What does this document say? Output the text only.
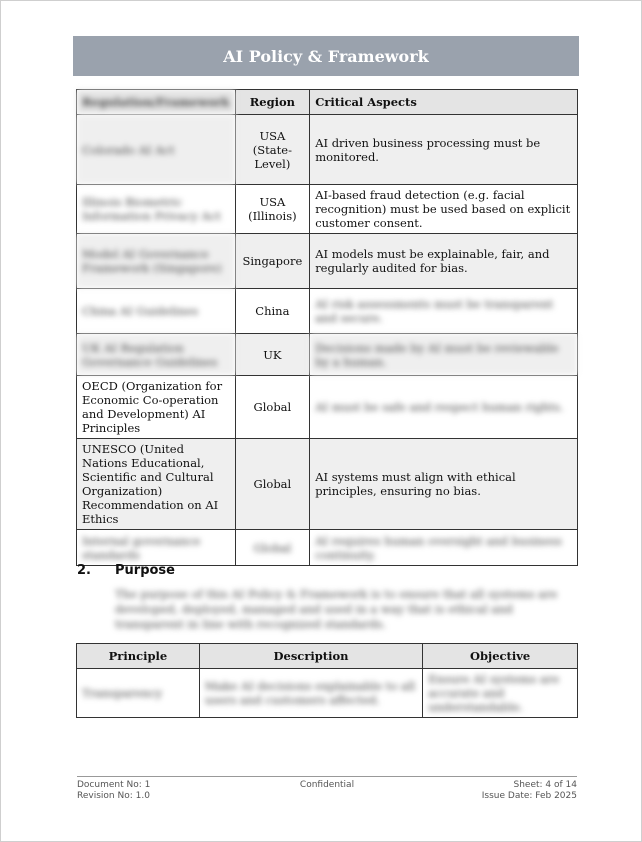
AI Policy & Framework
Regulation/Framework	Region	Critical Aspects
Colorado AI Act	USA (State-Level)	AI driven business processing must be monitored.
Illinois Biometric Information Privacy Act	USA (Illinois)	AI-based fraud detection (e.g. facial recognition) must be used based on explicit customer consent.
Model AI Governance Framework (Singapore)	Singapore	AI models must be explainable, fair, and regularly audited for bias.
China AI Guidelines	China	AI risk assessments must be transparent and secure.
UK AI Regulation Governance Guidelines	UK	Decisions made by AI must be reviewable by a human.
OECD (Organization for Economic Co-operation and Development) AI Principles	Global	AI must be safe and respect human rights.
UNESCO (United Nations Educational, Scientific and Cultural Organization) Recommendation on AI Ethics	Global	AI systems must align with ethical principles, ensuring no bias.
Internal governance standards	Global	AI requires human oversight and business continuity.
2. Purpose
The purpose of this AI Policy & Framework is to ensure that all systems are developed, deployed, managed and used in a way that is ethical and transparent in line with recognized standards.
Principle	Description	Objective
Transparency	Make AI decisions explainable to all users and customers affected.	Ensure AI systems are accurate and understandable.
Document No: 1
Revision No: 1.0
Confidential	Sheet: 4 of 14
Issue Date: Feb 2025
